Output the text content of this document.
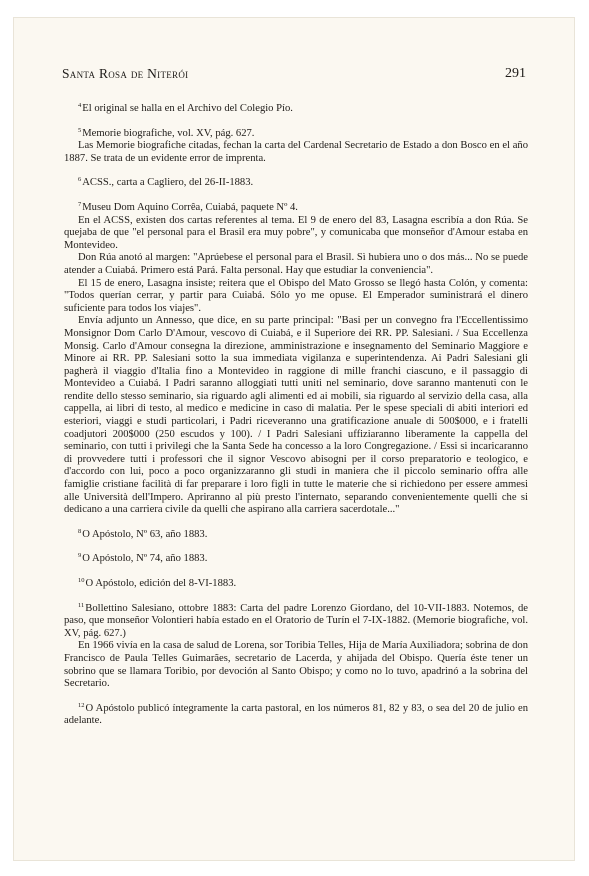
Santa Rosa de Niterói	291

$^4$El original se halla en el Archivo del Colegio Pío.

$^5$Memorie biografiche, vol. XV, pág. 627.

Las Memorie biografiche citadas, fechan la carta del Cardenal Secretario de Estado a don Bosco en el año 1887. Se trata de un evidente error de imprenta.

$^6$ACSS., carta a Cagliero, del 26-II-1883.

$^7$Museu Dom Aquino Corrêa, Cuiabá, paquete Nº 4.

En el ACSS, existen dos cartas referentes al tema. El 9 de enero del 83, Lasagna escribía a don Rúa. Se quejaba de que "el personal para el Brasil era muy pobre", y comunicaba que monseñor d'Amour estaba en Montevideo.

Don Rúa anotó al margen: "Aprúebese el personal para el Brasil. Sì hubiera uno o dos más... No se puede atender a Cuiabá. Primero está Pará. Falta personal. Hay que estudiar la conveniencia".

El 15 de enero, Lasagna insiste; reitera que el Obispo del Mato Grosso se llegó hasta Colón, y comenta: "Todos querían cerrar, y partir para Cuiabá. Sólo yo me opuse. El Emperador suministrará el dinero suficiente para todos los viajes".

Envía adjunto un Annesso, que dice, en su parte principal: "Basi per un convegno fra l'Eccellentissimo Monsignor Dom Carlo D'Amour, vescovo di Cuiabá, e il Superiore dei RR. PP. Salesiani. / Sua Eccellenza Monsig. Carlo d'Amour consegna la direzione, amministrazione e insegnamento del Seminario Maggiore e Minore ai RR. PP. Salesiani sotto la sua immediata vigilanza e superintendenza. Ai Padri Salesiani gli pagherà il viaggio d'Italia fino a Montevideo in raggione di mille franchi ciascuno, e il passaggio di Montevideo a Cuiabá. I Padri saranno alloggiati tutti uniti nel seminario, dove saranno mantenuti con le rendite dello stesso seminario, sia riguardo agli alimenti ed ai mobili, sia riguardo al servizio della casa, alla cappella, ai libri di testo, al medico e medicine in caso di malatia. Per le spese speciali di abiti interiori ed esteriori, viaggi e studi particolari, i Padri riceveranno una gratificazione anuale di 500$000, e i fratelli coadjutori 200$000 (250 escudos y 100). / I Padri Salesiani uffiziaranno liberamente la cappella del seminario, con tutti i privilegi che la Santa Sede ha concesso a la loro Congregazione. / Essi si incaricaranno di provvedere tutti i professori che il signor Vescovo abisogni per il corso preparatorio e teologico, e d'accordo con lui, poco a poco organizzaranno gli studi in maniera che il piccolo seminario offra alle famiglie cristiane facilità di far preparare i loro figli in tutte le materie che si richiedono per essere ammesi alle Università dell'Impero. Apriranno al più presto l'internato, separando convenientemente quelli che si dedicano a una carriera civile da quelli che aspirano alla carriera sacerdotale..."

$^8$O Apóstolo, Nº 63, año 1883.

$^9$O Apóstolo, Nº 74, año 1883.

$^{10}$O Apóstolo, edición del 8-VI-1883.

$^{11}$Bollettino Salesiano, ottobre 1883: Carta del padre Lorenzo Giordano, del 10-VII-1883. Notemos, de paso, que monseñor Volontieri había estado en el Oratorio de Turín el 7-IX-1882. (Memorie biografiche, vol. XV, pág. 627.)

En 1966 vivía en la casa de salud de Lorena, sor Toribia Telles, Hija de María Auxiliadora; sobrina de don Francisco de Paula Telles Guimarães, secretario de Lacerda, y ahijada del Obispo. Quería éste tener un sobrino que se llamara Toribio, por devoción al Santo Obispo; y como no lo tuvo, apadrinó a la sobrina del Secretario.

$^{12}$O Apóstolo publicó íntegramente la carta pastoral, en los números 81, 82 y 83, o sea del 20 de julio en adelante.
